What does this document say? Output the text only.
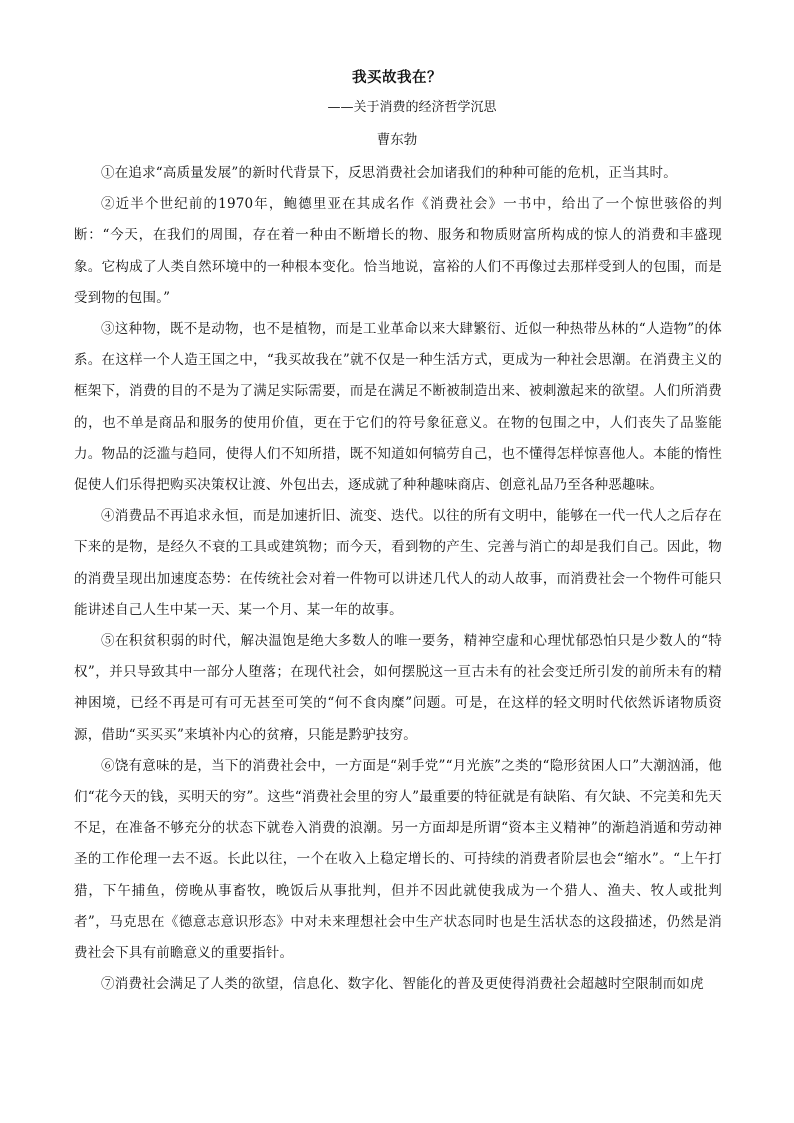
我买故我在？
——关于消费的经济哲学沉思
曹东勃

①在追求“高质量发展”的新时代背景下，反思消费社会加诸我们的种种可能的危机，正当其时。

②近半个世纪前的1970年，鲍德里亚在其成名作《消费社会》一书中，给出了一个惊世骇俗的判断：“今天，在我们的周围，存在着一种由不断增长的物、服务和物质财富所构成的惊人的消费和丰盛现象。它构成了人类自然环境中的一种根本变化。恰当地说，富裕的人们不再像过去那样受到人的包围，而是受到物的包围。”

③这种物，既不是动物，也不是植物，而是工业革命以来大肆繁衍、近似一种热带丛林的“人造物”的体系。在这样一个人造王国之中，“我买故我在”就不仅是一种生活方式，更成为一种社会思潮。在消费主义的框架下，消费的目的不是为了满足实际需要，而是在满足不断被制造出来、被刺激起来的欲望。人们所消费的，也不单是商品和服务的使用价值，更在于它们的符号象征意义。在物的包围之中，人们丧失了品鉴能力。物品的泛滥与趋同，使得人们不知所措，既不知道如何犒劳自己，也不懂得怎样惊喜他人。本能的惰性促使人们乐得把购买决策权让渡、外包出去，逐成就了种种趣味商店、创意礼品乃至各种恶趣味。

④消费品不再追求永恒，而是加速折旧、流变、迭代。以往的所有文明中，能够在一代一代人之后存在下来的是物，是经久不衰的工具或建筑物；而今天，看到物的产生、完善与消亡的却是我们自己。因此，物的消费呈现出加速度态势：在传统社会对着一件物可以讲述几代人的动人故事，而消费社会一个物件可能只能讲述自己人生中某一天、某一个月、某一年的故事。

⑤在积贫积弱的时代，解决温饱是绝大多数人的唯一要务，精神空虚和心理忧郁恐怕只是少数人的“特权”，并只导致其中一部分人堕落；在现代社会，如何摆脱这一亘古未有的社会变迁所引发的前所未有的精神困境，已经不再是可有可无甚至可笑的“何不食肉糜”问题。可是，在这样的轻文明时代依然诉诸物质资源，借助“买买买”来填补内心的贫瘠，只能是黔驴技穷。

⑥饶有意味的是，当下的消费社会中，一方面是“剁手党”“月光族”之类的“隐形贫困人口”大潮汹涌，他们“花今天的钱，买明天的穷”。这些“消费社会里的穷人”最重要的特征就是有缺陷、有欠缺、不完美和先天不足，在准备不够充分的状态下就卷入消费的浪潮。另一方面却是所谓“资本主义精神”的渐趋消遁和劳动神圣的工作伦理一去不返。长此以往，一个在收入上稳定增长的、可持续的消费者阶层也会“缩水”。“上午打猎，下午捕鱼，傍晚从事畜牧，晚饭后从事批判，但并不因此就使我成为一个猎人、渔夫、牧人或批判者”，马克思在《德意志意识形态》中对未来理想社会中生产状态同时也是生活状态的这段描述，仍然是消费社会下具有前瞻意义的重要指针。

⑦消费社会满足了人类的欲望，信息化、数字化、智能化的普及更使得消费社会超越时空限制而如虎
